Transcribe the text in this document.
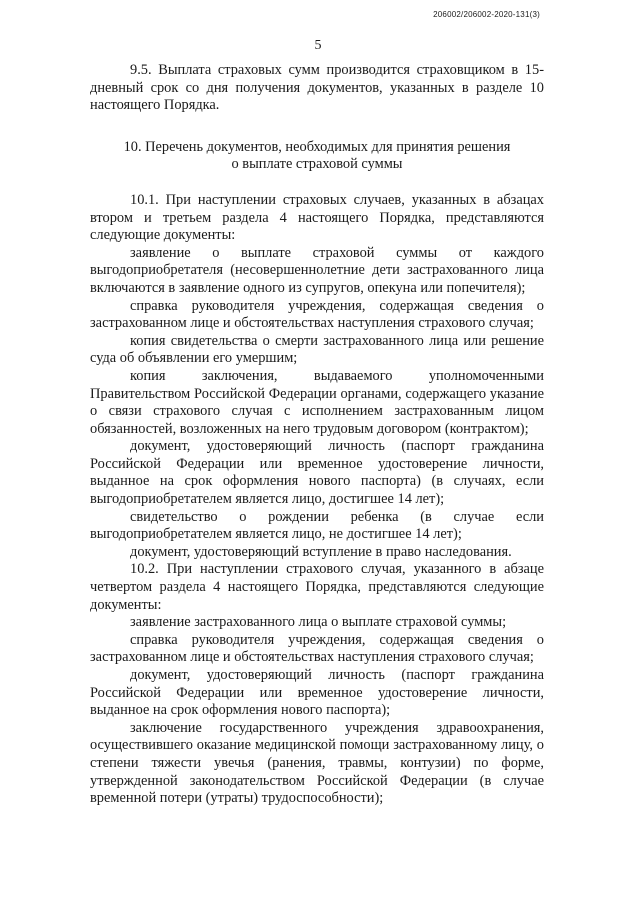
206002/206002-2020-131(3)
5

9.5. Выплата страховых сумм производится страховщиком в 15-дневный срок со дня получения документов, указанных в разделе 10 настоящего Порядка.

10. Перечень документов, необходимых для принятия решения

о выплате страховой суммы

10.1. При наступлении страховых случаев, указанных в абзацах втором и третьем раздела 4 настоящего Порядка, представляются следующие документы:

заявление о выплате страховой суммы от каждого выгодоприобретателя (несовершеннолетние дети застрахованного лица включаются в заявление одного из супругов, опекуна или попечителя);

справка руководителя учреждения, содержащая сведения о застрахованном лице и обстоятельствах наступления страхового случая;

копия свидетельства о смерти застрахованного лица или решение суда об объявлении его умершим;

копия заключения, выдаваемого уполномоченными Правительством Российской Федерации органами, содержащего указание о связи страхового случая с исполнением застрахованным лицом обязанностей, возложенных на него трудовым договором (контрактом);

документ, удостоверяющий личность (паспорт гражданина Российской Федерации или временное удостоверение личности, выданное на срок оформления нового паспорта) (в случаях, если выгодоприобретателем является лицо, достигшее 14 лет);

свидетельство о рождении ребенка (в случае если выгодоприобретателем является лицо, не достигшее 14 лет);

документ, удостоверяющий вступление в право наследования.

10.2. При наступлении страхового случая, указанного в абзаце четвертом раздела 4 настоящего Порядка, представляются следующие документы:

заявление застрахованного лица о выплате страховой суммы;

справка руководителя учреждения, содержащая сведения о застрахованном лице и обстоятельствах наступления страхового случая;

документ, удостоверяющий личность (паспорт гражданина Российской Федерации или временное удостоверение личности, выданное на срок оформления нового паспорта);

заключение государственного учреждения здравоохранения, осуществившего оказание медицинской помощи застрахованному лицу, о степени тяжести увечья (ранения, травмы, контузии) по форме, утвержденной законодательством Российской Федерации (в случае временной потери (утраты) трудоспособности);
